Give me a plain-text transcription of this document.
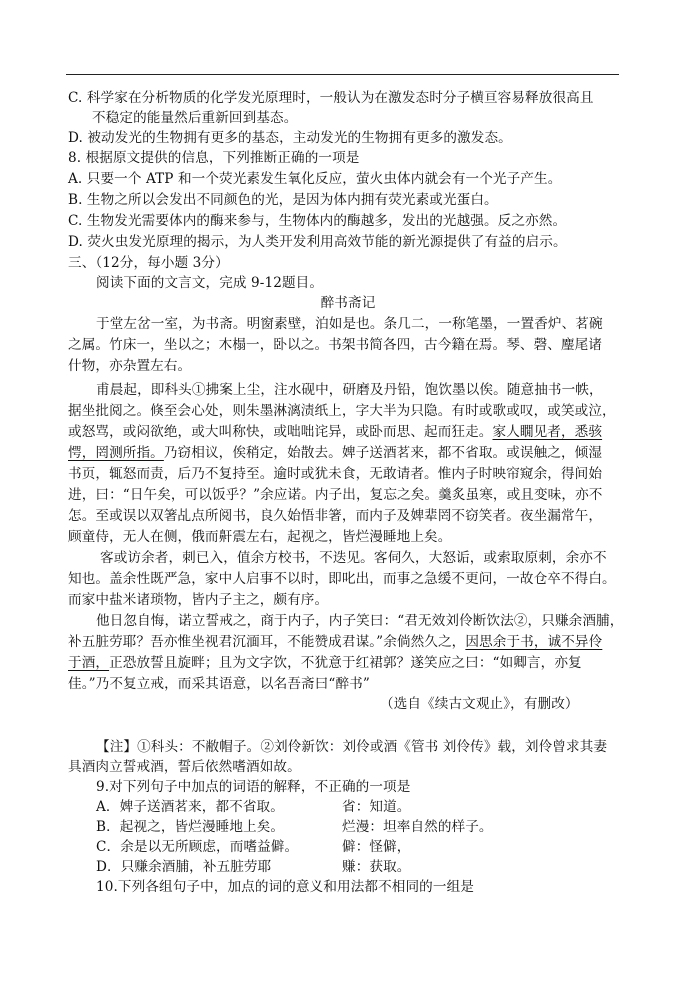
C. 科学家在分析物质的化学发光原理时，一般认为在激发态时分子横亘容易释放很高且
不稳定的能量然后重新回到基态。
D. 被动发光的生物拥有更多的基态，主动发光的生物拥有更多的激发态。
8. 根据原文提供的信息，下列推断正确的一项是
A. 只要一个 ATP 和一个荧光素发生氧化反应，萤火虫体内就会有一个光子产生。
B. 生物之所以会发出不同颜色的光，是因为体内拥有荧光素或光蛋白。
C. 生物发光需要体内的酶来参与，生物体内的酶越多，发出的光越强。反之亦然。
D. 荧火虫发光原理的揭示，为人类开发利用高效节能的新光源提供了有益的启示。
三、（12分，每小题 3分）
阅读下面的文言文，完成 9-12题目。
醉书斋记
于堂左岔一室，为书斋。明窗素壁，泊如是也。条几二，一称笔墨，一置香炉、茗碗
之属。竹床一，坐以之；木榻一，卧以之。书架书简各四，古今籍在焉。琴、磬、麈尾诸
什物，亦杂置左右。
甫晨起，即科头①拂案上尘，注水砚中，研磨及丹铅，饱饮墨以俟。随意抽书一帙，
据坐批阅之。倏至会心处，则朱墨淋漓渍纸上，字大半为只隐。有时或歌或叹，或笑或泣，
或怒骂，或闷欲绝，或大叫称快，或咄咄诧异，或卧而思、起而狂走。家人瞯见者，悉骇
愕，罔测所指。乃窃相议，俟稍定，始散去。婢子送酒茗来，都不省取。或误触之，倾湿
书页，辄怒而责，后乃不复持至。逾时或犹未食，无敢请者。惟内子时映帘窥余，得间始
进，曰：“日午矣，可以饭乎？”余应诺。内子出，复忘之矣。羹炙虽寒，或且变味，亦不
怎。至或误以双箸乩点所阅书，良久始悟非箸，而内子及婢辈罔不窃笑者。夜坐漏常午，
顾童侍，无人在侧，俄而鼾震左右，起视之，皆烂漫睡地上矣。
客或访余者，刺已入，值余方校书，不迭见。客伺久，大怒诟，或索取原刺，余亦不
知也。盖余性既严急，家中人启事不以时，即叱出，而事之急缓不更问，一故仓卒不得白。
而家中盐米诸琐物，皆内子主之，颇有序。
他日忽自悔，诺立誓戒之，商于内子，内子笑曰：“君无效刘伶断饮法②，只赚余酒脯，
补五脏劳耶？吾亦惟坐视君沉湎耳，不能赞成君谋。”余倘然久之，因思余于书，诚不异伶
于酒，正恐放誓且旋畔；且为文字饮，不犹意于红裙郭？遂笑应之曰：“如卿言，亦复
佳。”乃不复立戒，而采其语意，以名吾斋曰“醉书”
（选自《续古文观止》，有删改）
【注】①科头：不敝帽子。②刘伶新饮：刘伶或酒《管书 刘伶传》载，刘伶曾求其妻
具酒肉立誓戒酒，誓后依然嗜酒如故。
9.对下列句子中加点的词语的解释，不正确的一项是
A．婢子送酒茗来，都不省取。	省：知道。
B．起视之，皆烂漫睡地上矣。	烂漫：坦率自然的样子。
C．余是以无所顾虑，而嗜益僻。	僻：怪僻，
D．只赚余酒脯，补五脏劳耶	赚：获取。
10.下列各组句子中，加点的词的意义和用法都不相同的一组是
